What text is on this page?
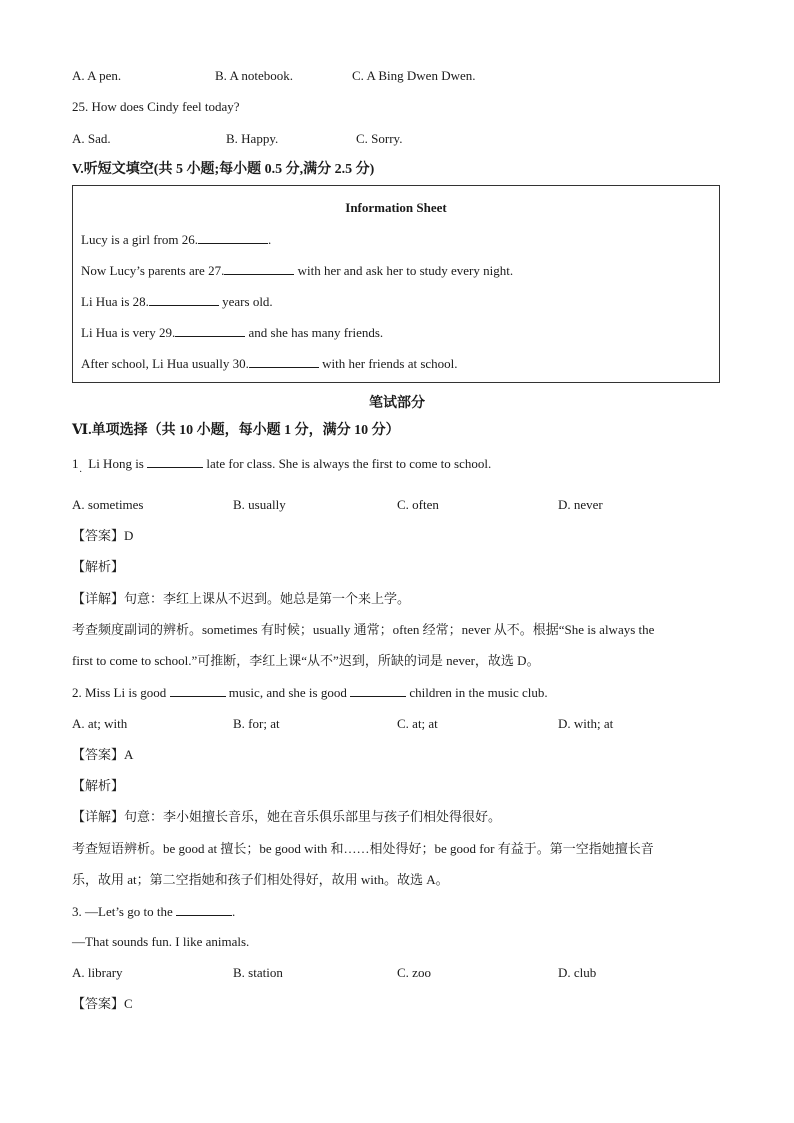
A. A pen.	B. A notebook.	C. A Bing Dwen Dwen.
25. How does Cindy feel today?
A. Sad.	B. Happy.	C. Sorry.
V.听短文填空(共 5 小题;每小题 0.5 分,满分 2.5 分)
Information Sheet
Lucy is a girl from 26.	.
Now Lucy’s parents are 27.	with her and ask her to study every night.
Li Hua is 28.	years old.
Li Hua is very 29.	and she has many friends.
After school, Li Hua usually 30.	with her friends at school.
笔试部分
Ⅵ.单项选择（共 10 小题，每小题 1 分，满分 10 分）
1 Li Hong is	late for class. She is always the first to come to school.
·
A. sometimes	B. usually	C. often	D. never
【答案】D
【解析】
【详解】句意：李红上课从不迟到。她总是第一个来上学。
考查频度副词的辨析。sometimes 有时候；usually 通常；often 经常；never 从不。根据“She is always the
first to come to school.”可推断，李红上课“从不”迟到，所缺的词是 never，故选 D。
2. Miss Li is good	music, and she is good	children in the music club.
A. at; with	B. for; at	C. at; at	D. with; at
【答案】A
【解析】
【详解】句意：李小姐擅长音乐，她在音乐俱乐部里与孩子们相处得很好。
考查短语辨析。be good at 擅长；be good with 和……相处得好；be good for 有益于。第一空指她擅长音
乐，故用 at；第二空指她和孩子们相处得好，故用 with。故选 A。
3. —Let’s go to the	.
—That sounds fun. I like animals.
A. library	B. station	C. zoo	D. club
【答案】C
